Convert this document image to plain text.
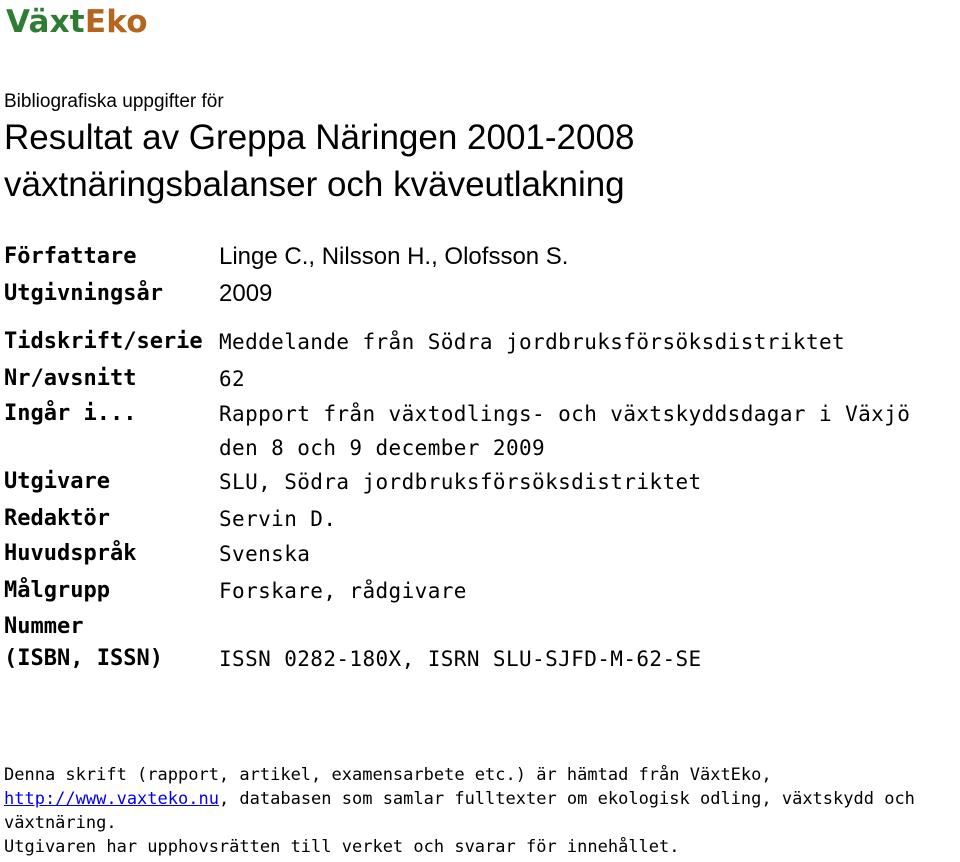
VäxtEko
Bibliografiska uppgifter för
Resultat av Greppa Näringen 2001-2008
växtnäringsbalanser och kväveutlakning
Författare	Linge C., Nilsson H., Olofsson S.
Utgivningsår 2009
Tidskrift/serie Meddelande från Södra jordbruksförsöksdistriktet
Nr/avsnitt	62
Ingår i...	Rapport från växtodlings- och växtskyddsdagar i Växjö den 8 och 9 december 2009
Utgivare	SLU, Södra jordbruksförsöksdistriktet
Redaktör	Servin D.
Huvudspråk	Svenska
Målgrupp	Forskare, rådgivare
Nummer
(ISBN, ISSN)	ISSN 0282-180X, ISRN SLU-SJFD-M-62-SE

Denna skrift (rapport, artikel, examensarbete etc.) är hämtad från VäxtEko,

http://www.vaxteko.nu, databasen som samlar fulltexter om ekologisk odling, växtskydd och växtnäring.

Utgivaren har upphovsrätten till verket och svarar för innehållet.
